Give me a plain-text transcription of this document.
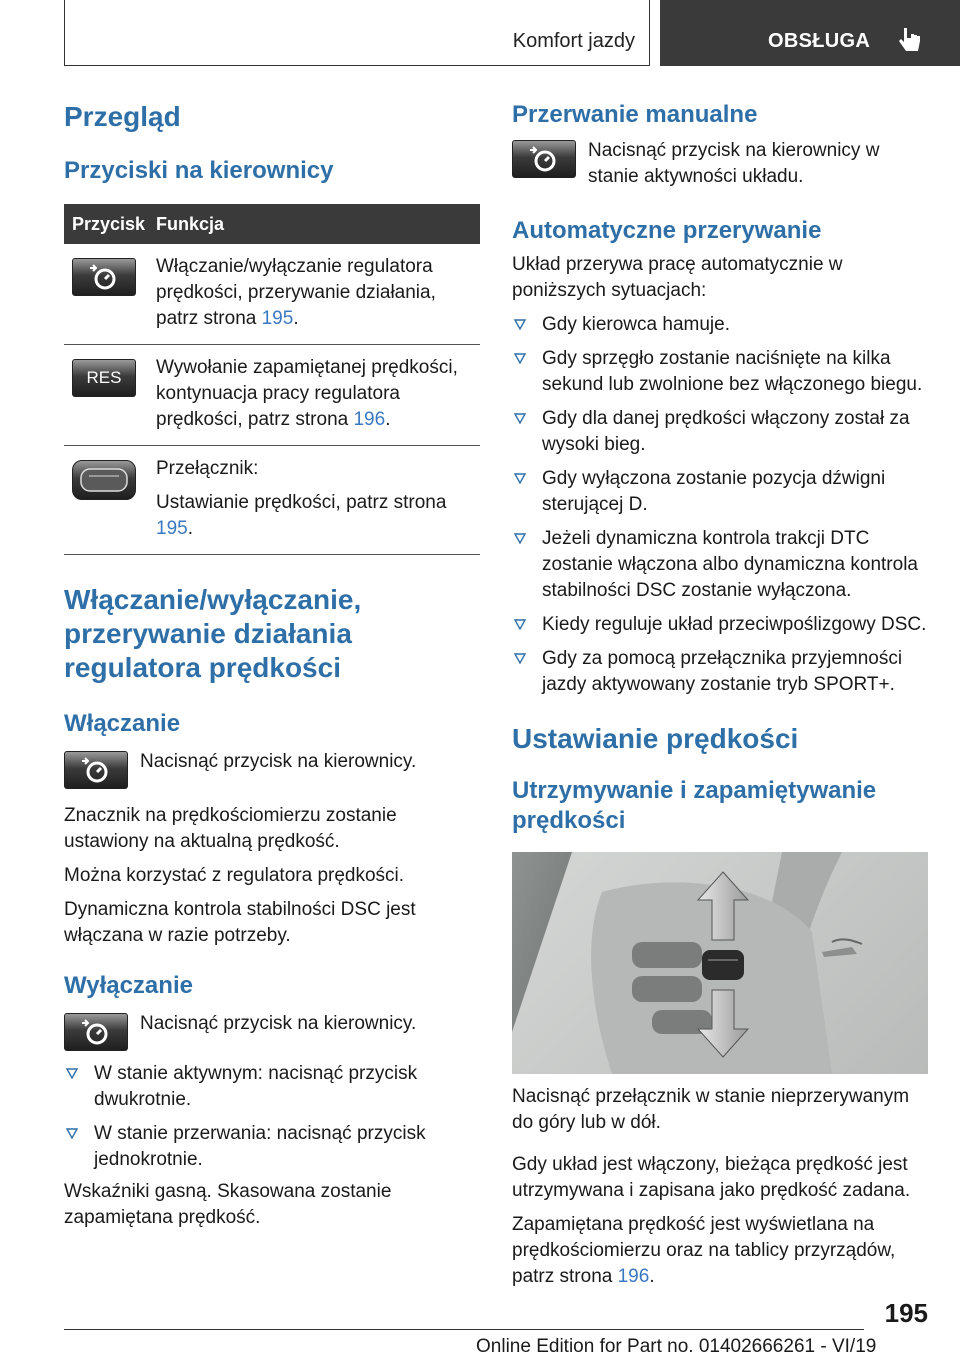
Komfort jazdy	OBSŁUGA
Przegląd
Przyciski na kierownicy
Przycisk Funkcja
Włączanie/wyłączanie regulatora prędkości, przerywanie działania, patrz strona 195.
RES Wywołanie zapamiętanej prędkości, kontynuacja pracy regulatora prędkości, patrz strona 196.
Przełącznik:
Ustawianie prędkości, patrz strona 195.
Włączanie/wyłączanie, przerywanie działania regulatora prędkości
Włączanie
Nacisnąć przycisk na kierownicy.
Znacznik na prędkościomierzu zostanie ustawiony na aktualną prędkość.
Można korzystać z regulatora prędkości.
Dynamiczna kontrola stabilności DSC jest włączana w razie potrzeby.
Wyłączanie
Nacisnąć przycisk na kierownicy.
W stanie aktywnym: nacisnąć przycisk dwukrotnie.
W stanie przerwania: nacisnąć przycisk jednokrotnie.
Wskaźniki gasną. Skasowana zostanie zapamiętana prędkość.
Przerwanie manualne
Nacisnąć przycisk na kierownicy w stanie aktywności układu.
Automatyczne przerywanie
Układ przerywa pracę automatycznie w poniższych sytuacjach:
Gdy kierowca hamuje.
Gdy sprzęgło zostanie naciśnięte na kilka sekund lub zwolnione bez włączonego biegu.
Gdy dla danej prędkości włączony został za wysoki bieg.
Gdy wyłączona zostanie pozycja dźwigni sterującej D.
Jeżeli dynamiczna kontrola trakcji DTC zostanie włączona albo dynamiczna kontrola stabilności DSC zostanie wyłączona.
Kiedy reguluje układ przeciwpoślizgowy DSC.
Gdy za pomocą przełącznika przyjemności jazdy aktywowany zostanie tryb SPORT+.
Ustawianie prędkości
Utrzymywanie i zapamiętywanie prędkości
Nacisnąć przełącznik w stanie nieprzerywanym do góry lub w dół.
Gdy układ jest włączony, bieżąca prędkość jest utrzymywana i zapisana jako prędkość zadana.
Zapamiętana prędkość jest wyświetlana na prędkościomierzu oraz na tablicy przyrządów, patrz strona 196.
195
Online Edition for Part no. 01402666261 - VI/19
